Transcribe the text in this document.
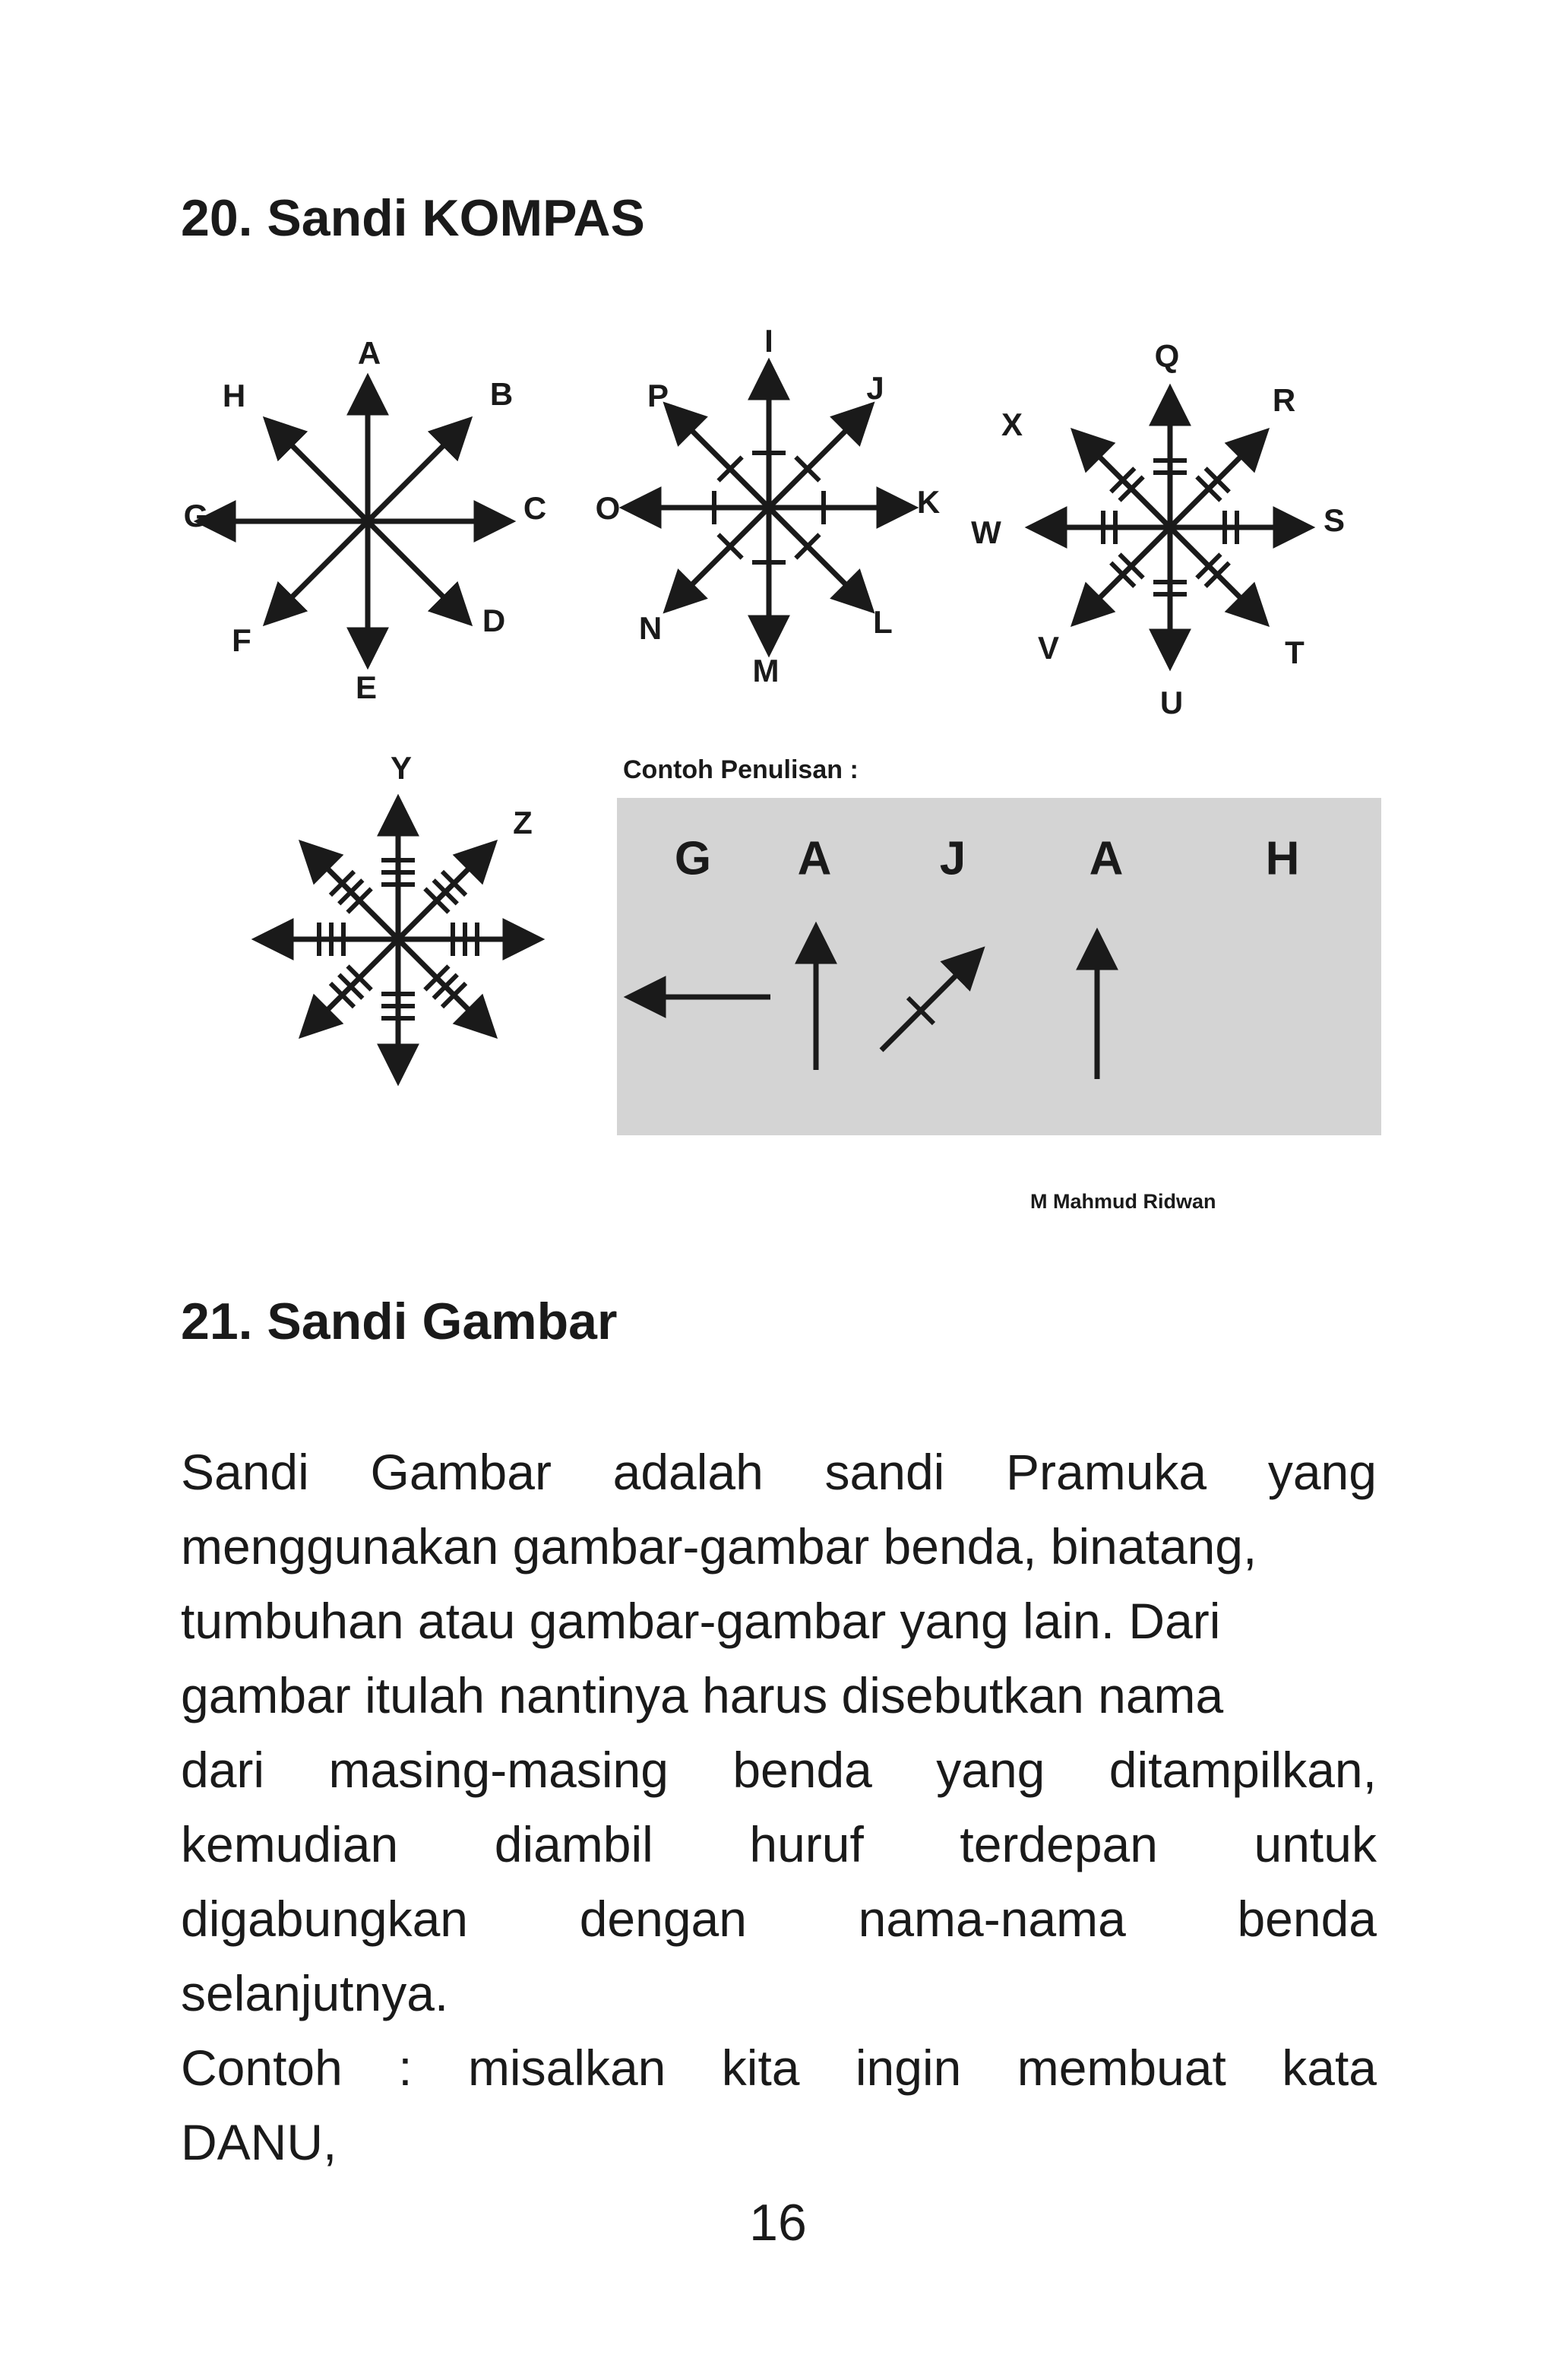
20. Sandi KOMPAS
A
B
C
D
E
F
G
H
I
J
K
L
M
N
O
P
Q
R
S
T
U
V
W
X
Y
Z
Contoh Penulisan :
G A J	A	H
M Mahmud Ridwan
21. Sandi Gambar
Sandi Gambar adalah sandi Pramuka yang
menggunakan gambar-gambar benda, binatang,
tumbuhan atau gambar-gambar yang lain. Dari
gambar itulah nantinya harus disebutkan nama
dari masing-masing benda yang ditampilkan,
kemudian diambil huruf terdepan untuk
digabungkan dengan nama-nama benda
selanjutnya.
Contoh : misalkan kita ingin membuat kata
DANU,
16
